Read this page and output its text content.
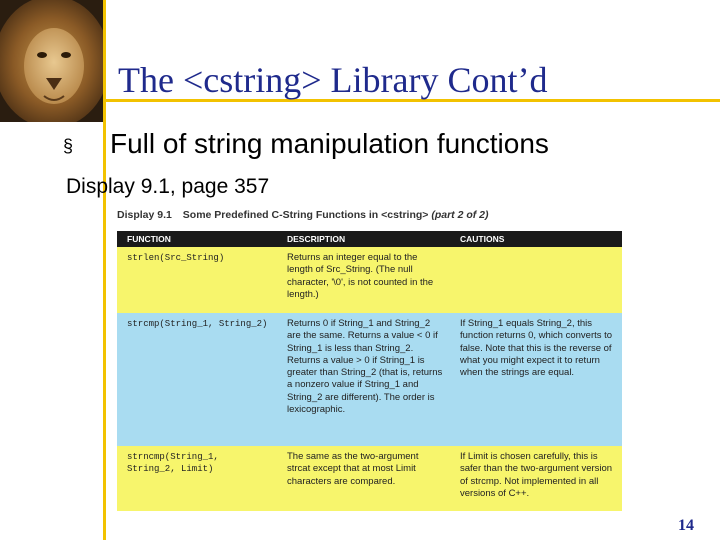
The <cstring> Library Cont’d
§ Full of string manipulation functions
Display 9.1, page 357
Display 9.1 Some Predefined C-String Functions in <cstring> (part 2 of 2)
FUNCTION	DESCRIPTION	CAUTIONS
strlen(Src_String)	Returns an integer equal to the length of Src_String. (The null character, '\0', is not counted in the length.)	
strcmp(String_1, String_2)	Returns 0 if String_1 and String_2 are the same. Returns a value < 0 if String_1 is less than String_2. Returns a value > 0 if String_1 is greater than String_2 (that is, returns a nonzero value if String_1 and String_2 are different). The order is lexicographic.	If String_1 equals String_2, this function returns 0, which converts to false. Note that this is the reverse of what you might expect it to return when the strings are equal.
strncmp(String_1, String_2, Limit)	The same as the two-argument strcat except that at most Limit characters are compared.	If Limit is chosen carefully, this is safer than the two-argument version of strcmp. Not implemented in all versions of C++.
14
